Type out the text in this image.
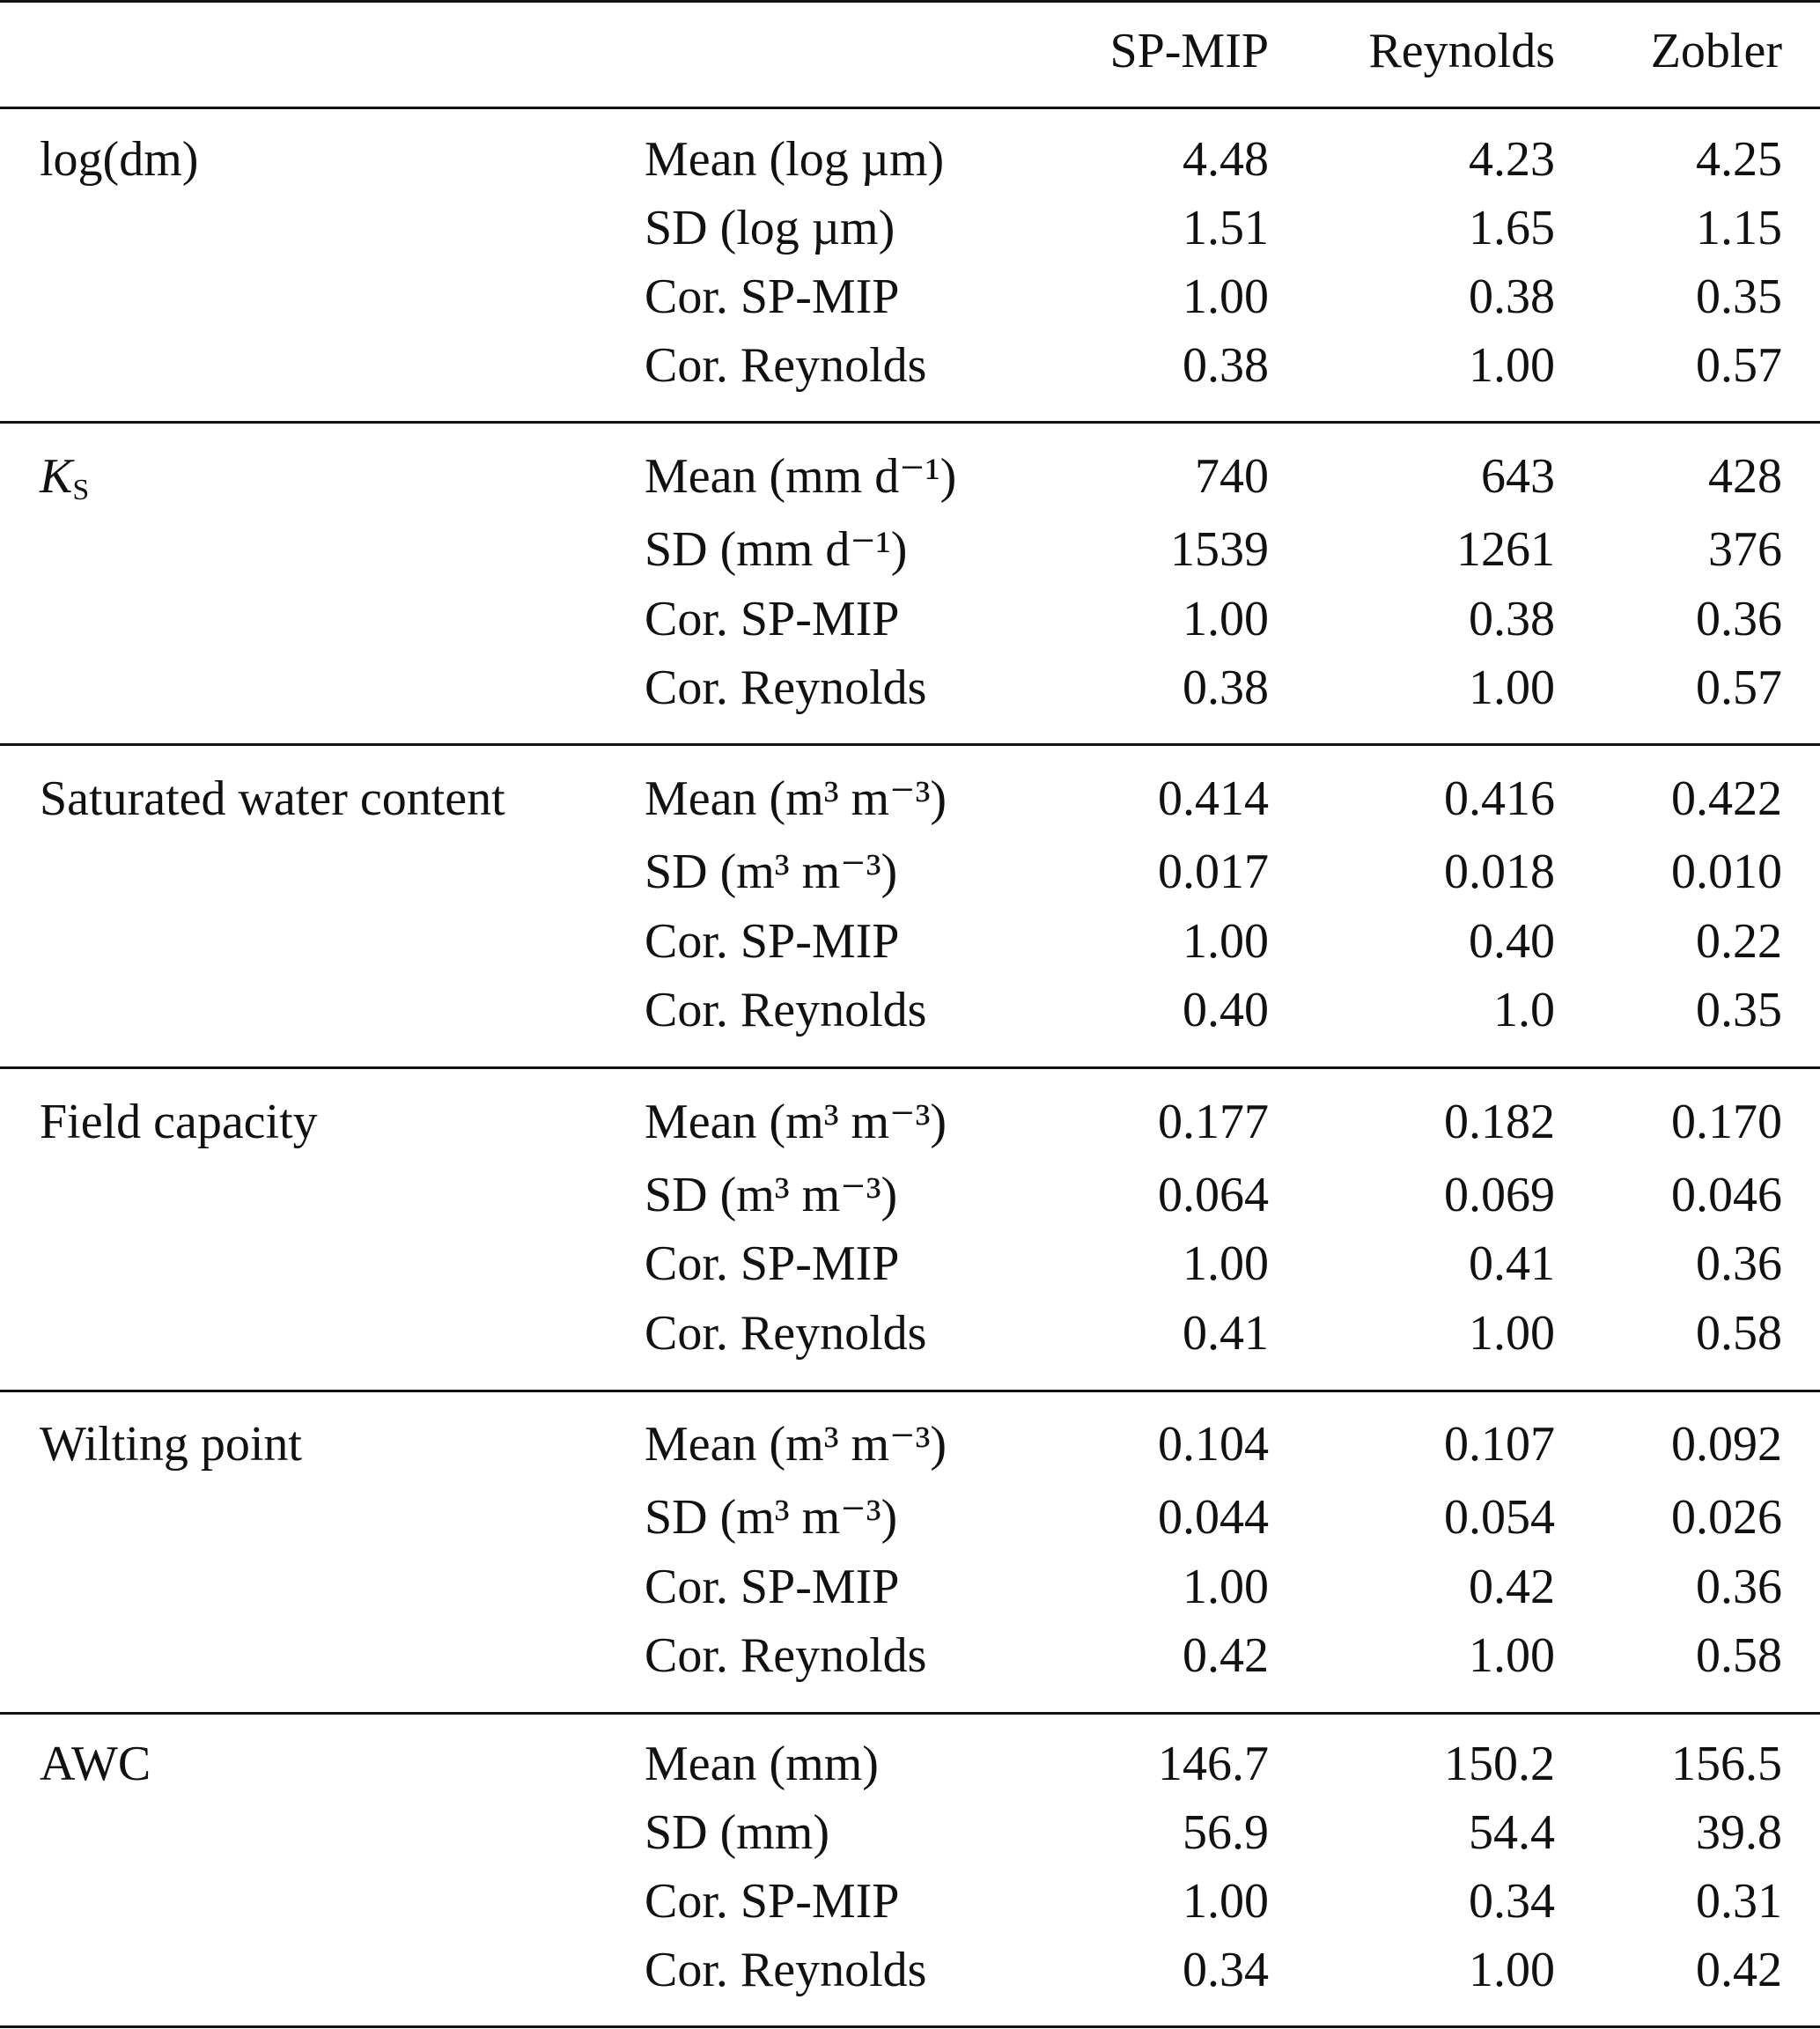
SP-MIP Reynolds Zobler
log(dm)	Mean (log µm)	4.48	4.23	4.25
SD (log µm)	1.51	1.65	1.15
Cor. SP-MIP	1.00	0.38	0.35
Cor. Reynolds	0.38	1.00	0.57
$K_S$	Mean (mm d⁻¹)	740	643	428
SD (mm d⁻¹)	1539	1261	376
Cor. SP-MIP	1.00	0.38	0.36
Cor. Reynolds	0.38	1.00	0.57
Saturated water content	Mean (m³ m⁻³)	0.414	0.416 0.422
SD (m³ m⁻³)	0.017	0.018 0.010
Cor. SP-MIP	1.00	0.40	0.22
Cor. Reynolds	0.40	1.0	0.35
Field capacity	Mean (m³ m⁻³)	0.177	0.182 0.170
SD (m³ m⁻³)	0.064	0.069 0.046
Cor. SP-MIP	1.00	0.41	0.36
Cor. Reynolds	0.41	1.00	0.58
Wilting point	Mean (m³ m⁻³)	0.104	0.107 0.092
SD (m³ m⁻³)	0.044	0.054 0.026
Cor. SP-MIP	1.00	0.42	0.36
Cor. Reynolds	0.42	1.00	0.58
AWC	Mean (mm)	146.7	150.2 156.5
SD (mm)	56.9	54.4	39.8
Cor. SP-MIP	1.00	0.34	0.31
Cor. Reynolds	0.34	1.00	0.42
